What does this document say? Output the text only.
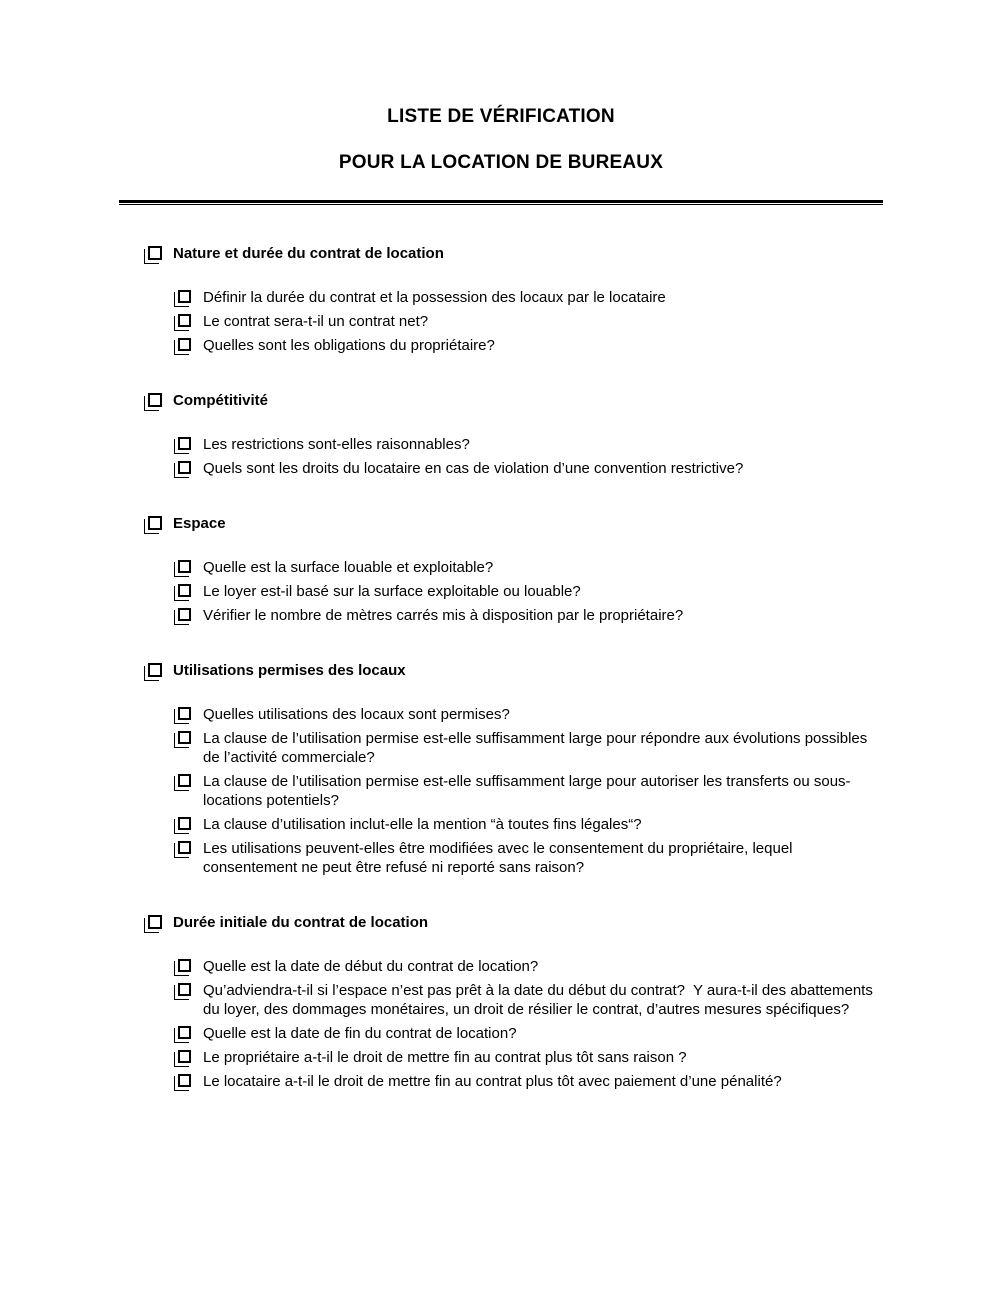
LISTE DE VÉRIFICATION
POUR LA LOCATION DE BUREAUX
Nature et durée du contrat de location
Définir la durée du contrat et la possession des locaux par le locataire
Le contrat sera-t-il un contrat net?
Quelles sont les obligations du propriétaire?
Compétitivité
Les restrictions sont-elles raisonnables?
Quels sont les droits du locataire en cas de violation d’une convention restrictive?
Espace
Quelle est la surface louable et exploitable?
Le loyer est-il basé sur la surface exploitable ou louable?
Vérifier le nombre de mètres carrés mis à disposition par le propriétaire?
Utilisations permises des locaux
Quelles utilisations des locaux sont permises?
La clause de l’utilisation permise est-elle suffisamment large pour répondre aux évolutions possibles de l’activité commerciale?
La clause de l’utilisation permise est-elle suffisamment large pour autoriser les transferts ou sous-locations potentiels?
La clause d’utilisation inclut-elle la mention “à toutes fins légales“?
Les utilisations peuvent-elles être modifiées avec le consentement du propriétaire, lequel consentement ne peut être refusé ni reporté sans raison?
Durée initiale du contrat de location
Quelle est la date de début du contrat de location?
Qu’adviendra-t-il si l’espace n’est pas prêt à la date du début du contrat?  Y aura-t-il des abattements du loyer, des dommages monétaires, un droit de résilier le contrat, d’autres mesures spécifiques?
Quelle est la date de fin du contrat de location?
Le propriétaire a-t-il le droit de mettre fin au contrat plus tôt sans raison ?
Le locataire a-t-il le droit de mettre fin au contrat plus tôt avec paiement d’une pénalité?
